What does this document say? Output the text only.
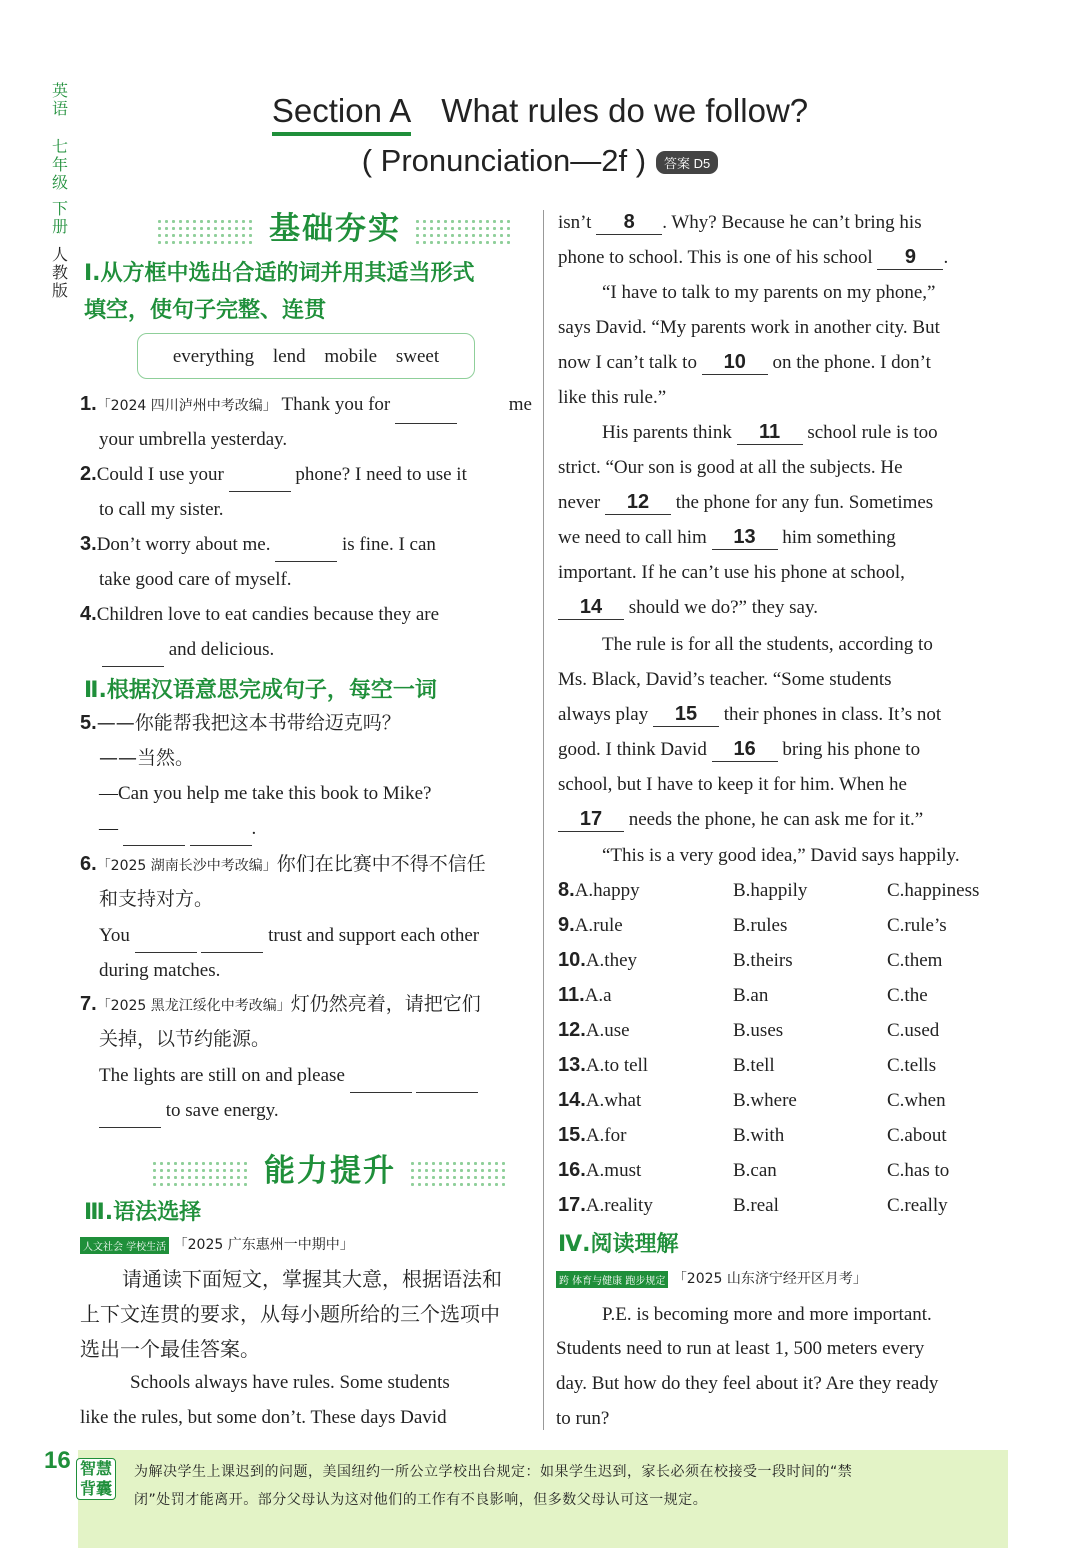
英语
七年级
下册
人教版
Section A What rules do we follow?
( Pronunciation—2f ) 答案 D5
基础夯实
Ⅰ.从方框中选出合适的词并用其适当形式
填空，使句子完整、连贯
everything lend mobile sweet
1.「2024 四川泸州中考改编」 Thank you for	me
your umbrella yesterday.
2.Could I use your	phone? I need to use it
to call my sister.
3.Don’t worry about me.	is fine. I can
take good care of myself.
4.Children love to eat candies because they are
and delicious.
Ⅱ.根据汉语意思完成句子，每空一词
5.——你能帮我把这本书带给迈克吗？
——当然。
—Can you help me take this book to Mike?
—	.
6.「2025 湖南长沙中考改编」你们在比赛中不得不信任
和支持对方。
You	trust and support each other
during matches.
7.「2025 黑龙江绥化中考改编」灯仍然亮着，请把它们
关掉，以节约能源。
The lights are still on and please
to save energy.
能力提升
Ⅲ.语法选择
人文社会 学校生活 「2025 广东惠州一中期中」
请通读下面短文，掌握其大意，根据语法和
上下文连贯的要求，从每小题所给的三个选项中
选出一个最佳答案。
Schools always have rules. Some students
like the rules, but some don’t. These days David
isn’t 8 . Why? Because he can’t bring his
phone to school. This is one of his school 9 .
“I have to talk to my parents on my phone,”
says David. “My parents work in another city. But
now I can’t talk to 10 on the phone. I don’t
like this rule.”
His parents think 11 school rule is too
strict. “Our son is good at all the subjects. He
never 12 the phone for any fun. Sometimes
we need to call him 13 him something
important. If he can’t use his phone at school,
14 should we do?” they say.
The rule is for all the students, according to
Ms. Black, David’s teacher. “Some students
always play 15 their phones in class. It’s not
good. I think David 16 bring his phone to
school, but I have to keep it for him. When he
17 needs the phone, he can ask me for it.”
“This is a very good idea,” David says happily.
8.A.happy	B.happily	C.happiness
9.A.rule	B.rules	C.rule’s
10.A.they	B.theirs	C.them
11.A.a	B.an	C.the
12.A.use	B.uses	C.used
13.A.to tell	B.tell	C.tells
14.A.what	B.where	C.when
15.A.for	B.with	C.about
16.A.must	B.can	C.has to
17.A.reality	B.real	C.really
Ⅳ.阅读理解
跨 体育与健康 跑步规定 「2025 山东济宁经开区月考」
P.E. is becoming more and more important.
Students need to run at least 1, 500 meters every
day. But how do they feel about it? Are they ready
to run?
16 智慧背囊
为解决学生上课迟到的问题，美国纽约一所公立学校出台规定：如果学生迟到，家长必须在校接受一段时间的“禁
闭”处罚才能离开。部分父母认为这对他们的工作有不良影响，但多数父母认可这一规定。
